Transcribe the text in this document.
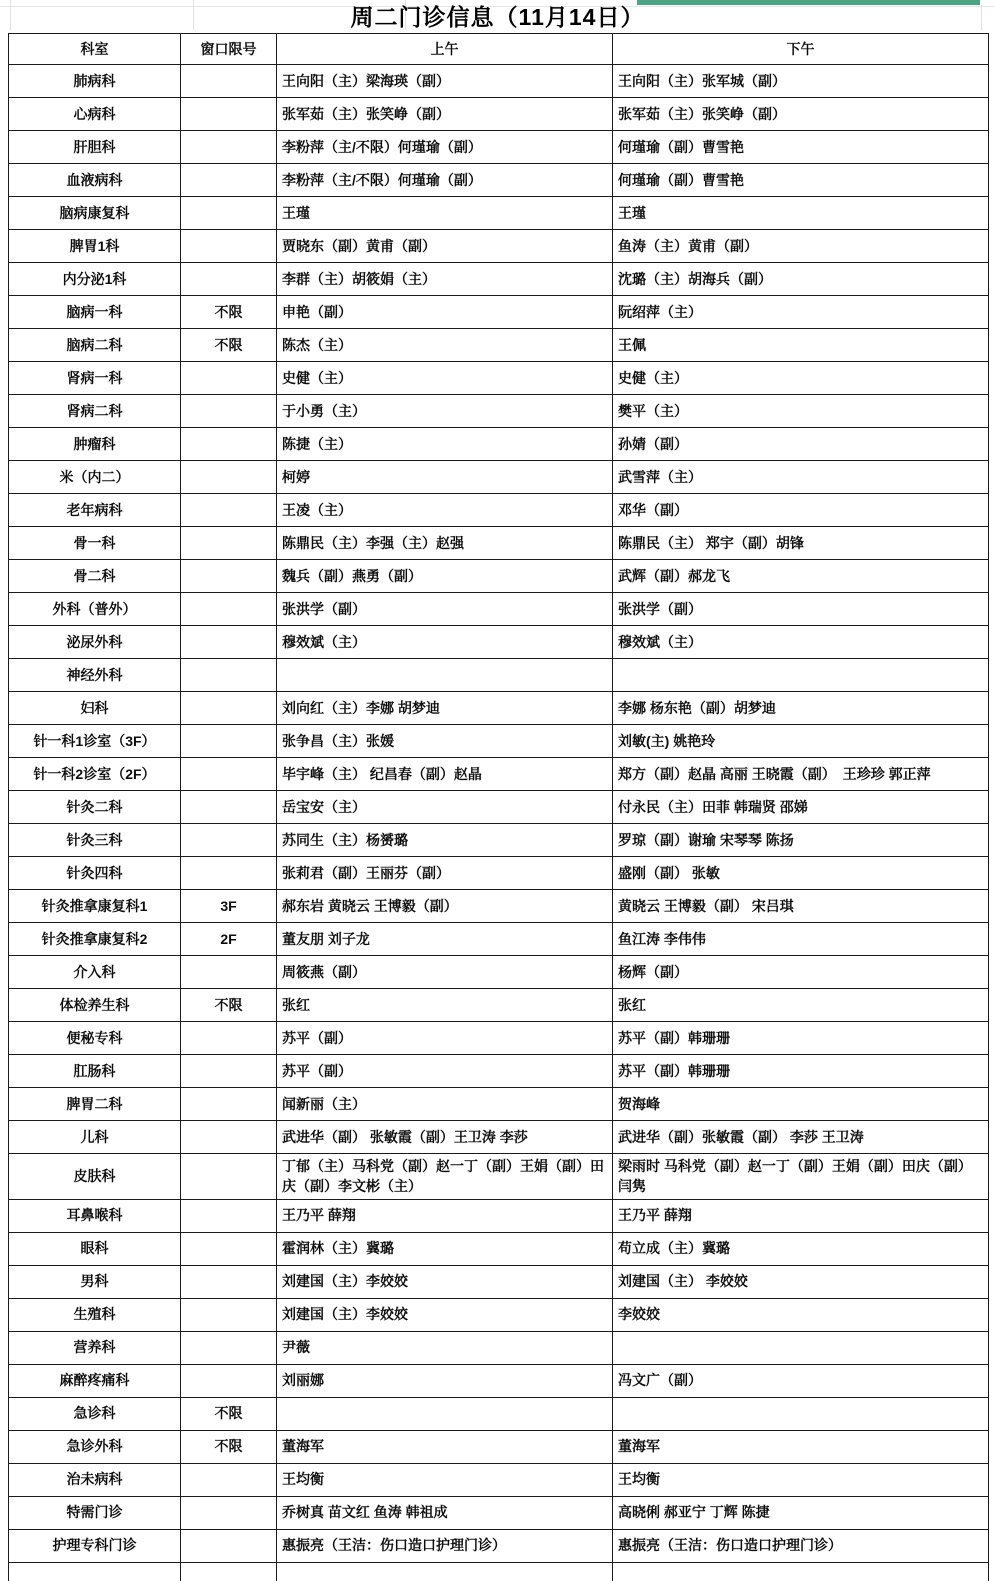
周二门诊信息（11月14日）
科室	窗口限号	上午	下午
肺病科		王向阳（主）梁海瑛（副）	王向阳（主）张军城（副）
心病科		张军茹（主）张笑峥（副）	张军茹（主）张笑峥（副）
肝胆科		李粉萍（主/不限）何瑾瑜（副）	何瑾瑜（副）曹雪艳
血液病科		李粉萍（主/不限）何瑾瑜（副）	何瑾瑜（副）曹雪艳
脑病康复科		王瑾	王瑾
脾胃1科		贾晓东（副）黄甫（副）	鱼涛（主）黄甫（副）
内分泌1科		李群（主）胡筱娟（主）	沈璐（主）胡海兵（副）
脑病一科	不限	申艳（副）	阮绍萍（主）
脑病二科	不限	陈杰（主）	王佩
肾病一科		史健（主）	史健（主）
肾病二科		于小勇（主）	樊平（主）
肿瘤科		陈捷（主）	孙婧（副）
米（内二）		柯婷	武雪萍（主）
老年病科		王凌（主）	邓华（副）
骨一科		陈鼎民（主）李强（主）赵强	陈鼎民（主） 郑宇（副）胡锋
骨二科		魏兵（副）燕勇（副）	武辉（副）郝龙飞
外科（普外）		张洪学（副）	张洪学（副）
泌尿外科		穆效斌（主）	穆效斌（主）
神经外科			
妇科		刘向红（主）李娜 胡梦迪	李娜 杨东艳（副）胡梦迪
针一科1诊室（3F）		张争昌（主）张媛	刘敏(主) 姚艳玲
针一科2诊室（2F）		毕宇峰（主） 纪昌春（副）赵晶	郑方（副）赵晶 高丽 王晓霞（副）　王珍珍 郭正萍
针灸二科		岳宝安（主）	付永民（主）田菲 韩瑞贤 邵娣
针灸三科		苏同生（主）杨赟璐	罗琼（副）谢瑜 宋琴琴 陈扬
针灸四科		张莉君（副）王丽芬（副）	盛刚（副） 张敏
针灸推拿康复科1	3F	郝东岩 黄晓云 王博毅（副）	黄晓云 王博毅（副） 宋吕琪
针灸推拿康复科2	2F	董友朋 刘子龙	鱼江涛 李伟伟
介入科		周筱燕（副）	杨辉（副）
体检养生科	不限	张红	张红
便秘专科		苏平（副）	苏平（副）韩珊珊
肛肠科		苏平（副）	苏平（副）韩珊珊
脾胃二科		闻新丽（主）	贺海峰
儿科		武进华（副） 张敏霞（副）王卫涛 李莎	武进华（副）张敏霞（副） 李莎 王卫涛
皮肤科		丁郁（主）马科党（副）赵一丁（副）王娟（副）田庆（副）李文彬（主）	梁雨时 马科党（副）赵一丁（副）王娟（副）田庆（副）闫隽
耳鼻喉科		王乃平 薛翔	王乃平 薛翔
眼科		霍润林（主）冀璐	苟立成（主）冀璐
男科		刘建国（主）李姣姣	刘建国（主） 李姣姣
生殖科		刘建国（主）李姣姣	李姣姣
营养科		尹薇	
麻醉疼痛科		刘丽娜	冯文广（副）
急诊科	不限		
急诊外科	不限	董海军	董海军
治未病科		王均衡	王均衡
特需门诊		乔树真 苗文红 鱼涛 韩祖成	高晓俐 郝亚宁 丁辉 陈捷
护理专科门诊		惠振亮（王洁：伤口造口护理门诊）	惠振亮（王洁：伤口造口护理门诊）
